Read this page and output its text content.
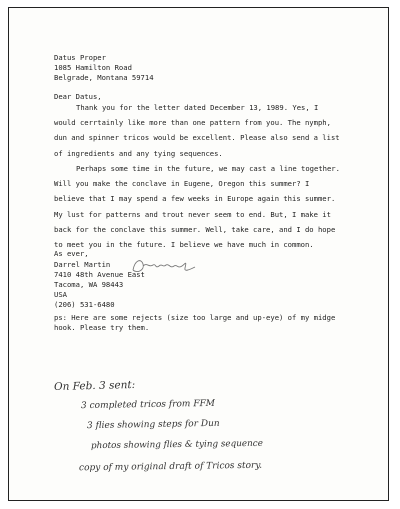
Datus Proper
1085 Hamilton Road
Belgrade, Montana 59714
Dear Datus,
Thank you for the letter dated December 13, 1989. Yes, I
would cerrtainly like more than one pattern from you. The nymph,
dun and spinner tricos would be excellent. Please also send a list
of ingredients and any tying sequences.
Perhaps some time in the future, we may cast a line together.
Will you make the conclave in Eugene, Oregon this summer? I
believe that I may spend a few weeks in Europe again this summer.
My lust for patterns and trout never seem to end. But, I make it
back for the conclave this summer. Well, take care, and I do hope
to meet you in the future. I believe we have much in common.
As ever,
Darrel Martin
7410 48th Avenue East
Tacoma, WA 98443
USA
(206) 531-6480
ps: Here are some rejects (size too large and up-eye) of my midge
hook. Please try them.
On Feb. 3 sent:
3 completed tricos from FFM
3 flies showing steps for Dun
photos showing flies & tying sequence
copy of my original draft of Tricos story.
